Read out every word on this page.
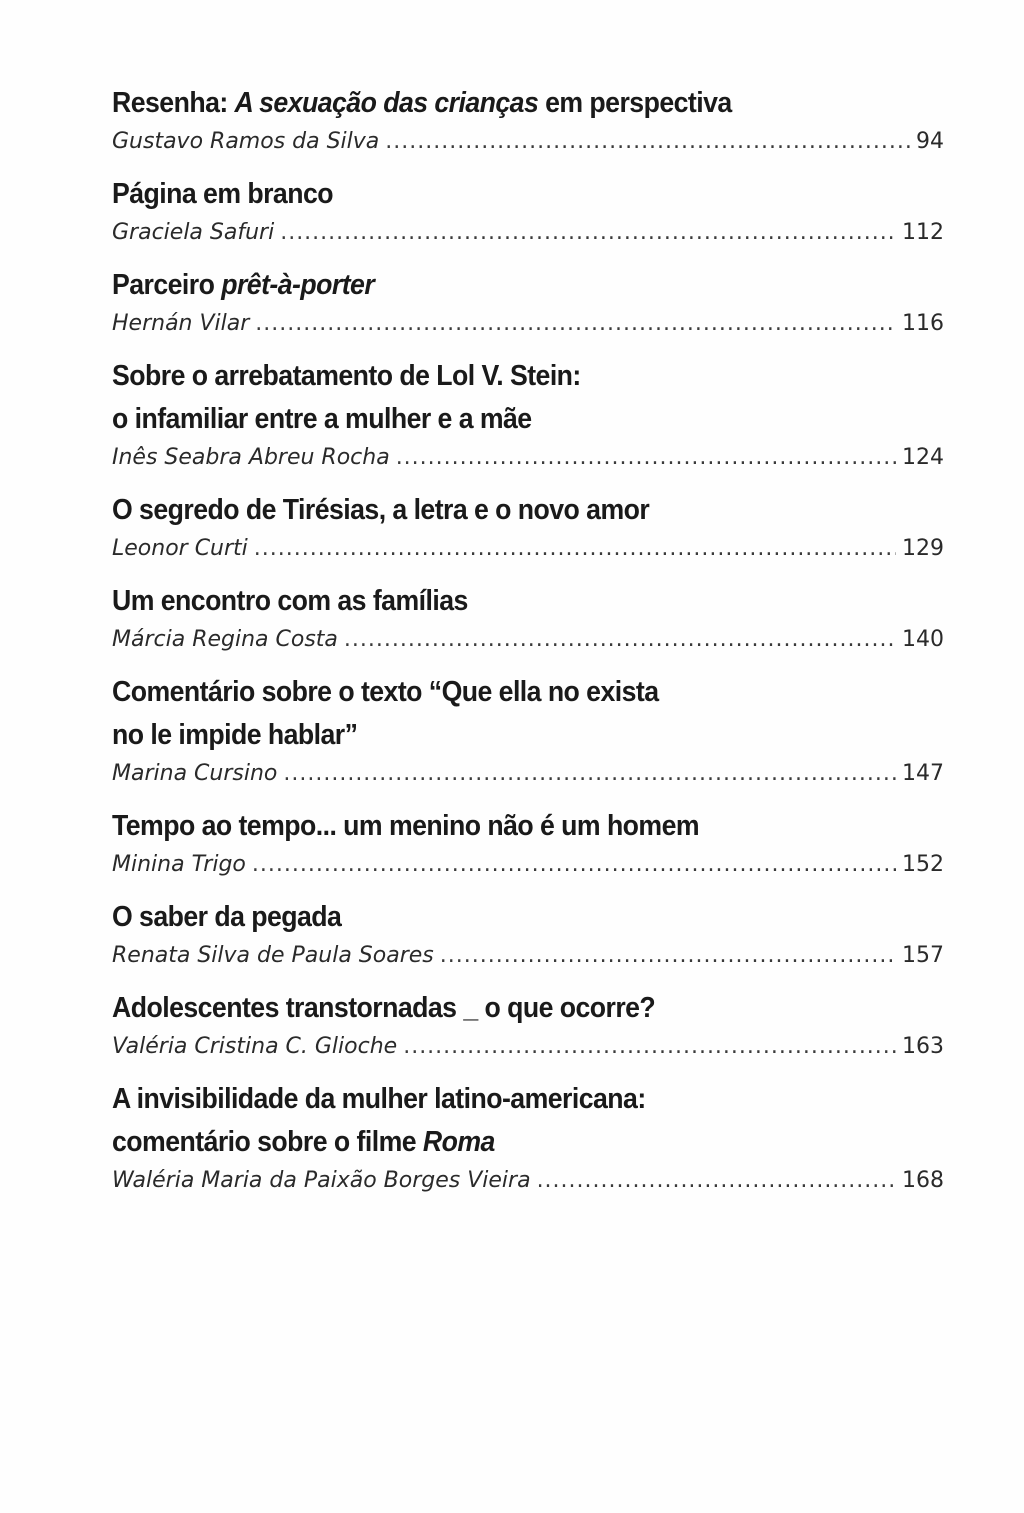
Resenha: A sexuação das crianças em perspectiva
Gustavo Ramos da Silva .....	94
Página em branco
Graciela Safuri .....	112
Parceiro prêt-à-porter
Hernán Vilar .....	116
Sobre o arrebatamento de Lol V. Stein:
o infamiliar entre a mulher e a mãe
Inês Seabra Abreu Rocha .....	124
O segredo de Tirésias, a letra e o novo amor
Leonor Curti .....	129
Um encontro com as famílias
Márcia Regina Costa .....	140
Comentário sobre o texto “Que ella no exista
no le impide hablar”
Marina Cursino .....	147
Tempo ao tempo... um menino não é um homem
Minina Trigo .....	152
O saber da pegada
Renata Silva de Paula Soares .....	157
Adolescentes transtornadas _ o que ocorre?
Valéria Cristina C. Glioche .....	163
A invisibilidade da mulher latino-americana:
comentário sobre o filme Roma
Waléria Maria da Paixão Borges Vieira .....	168
